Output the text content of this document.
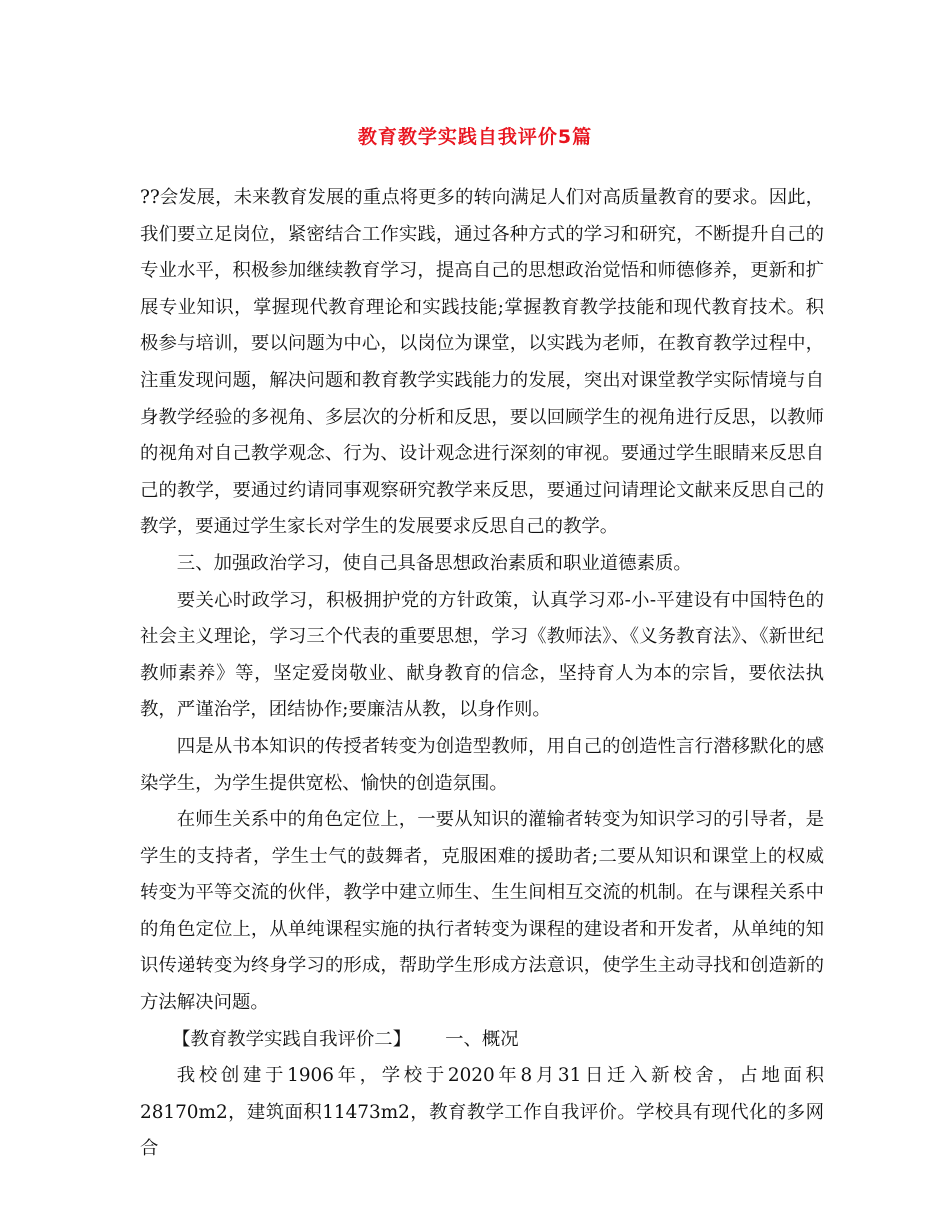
教育教学实践自我评价5篇

??会发展，未来教育发展的重点将更多的转向满足人们对高质量教育的要求。因此，我们要立足岗位，紧密结合工作实践，通过各种方式的学习和研究，不断提升自己的专业水平，积极参加继续教育学习，提高自己的思想政治觉悟和师德修养，更新和扩展专业知识，掌握现代教育理论和实践技能;掌握教育教学技能和现代教育技术。积极参与培训，要以问题为中心，以岗位为课堂，以实践为老师，在教育教学过程中，注重发现问题，解决问题和教育教学实践能力的发展，突出对课堂教学实际情境与自身教学经验的多视角、多层次的分析和反思，要以回顾学生的视角进行反思，以教师的视角对自己教学观念、行为、设计观念进行深刻的审视。要通过学生眼睛来反思自己的教学，要通过约请同事观察研究教学来反思，要通过问请理论文献来反思自己的教学，要通过学生家长对学生的发展要求反思自己的教学。

三、加强政治学习，使自己具备思想政治素质和职业道德素质。

要关心时政学习，积极拥护党的方针政策，认真学习邓-小-平建设有中国特色的社会主义理论，学习三个代表的重要思想，学习《教师法》、《义务教育法》、《新世纪教师素养》等，坚定爱岗敬业、献身教育的信念，坚持育人为本的宗旨，要依法执教，严谨治学，团结协作;要廉洁从教，以身作则。

四是从书本知识的传授者转变为创造型教师，用自己的创造性言行潜移默化的感染学生，为学生提供宽松、愉快的创造氛围。

在师生关系中的角色定位上，一要从知识的灌输者转变为知识学习的引导者，是学生的支持者，学生士气的鼓舞者，克服困难的援助者;二要从知识和课堂上的权威转变为平等交流的伙伴，教学中建立师生、生生间相互交流的机制。在与课程关系中的角色定位上，从单纯课程实施的执行者转变为课程的建设者和开发者，从单纯的知识传递转变为终身学习的形成，帮助学生形成方法意识，使学生主动寻找和创造新的方法解决问题。

【教育教学实践自我评价二】 一、概况

我校创建于1906年，学校于2020年8月31日迁入新校舍，占地面积28170m2，建筑面积11473m2，教育教学工作自我评价。学校具有现代化的多网合
